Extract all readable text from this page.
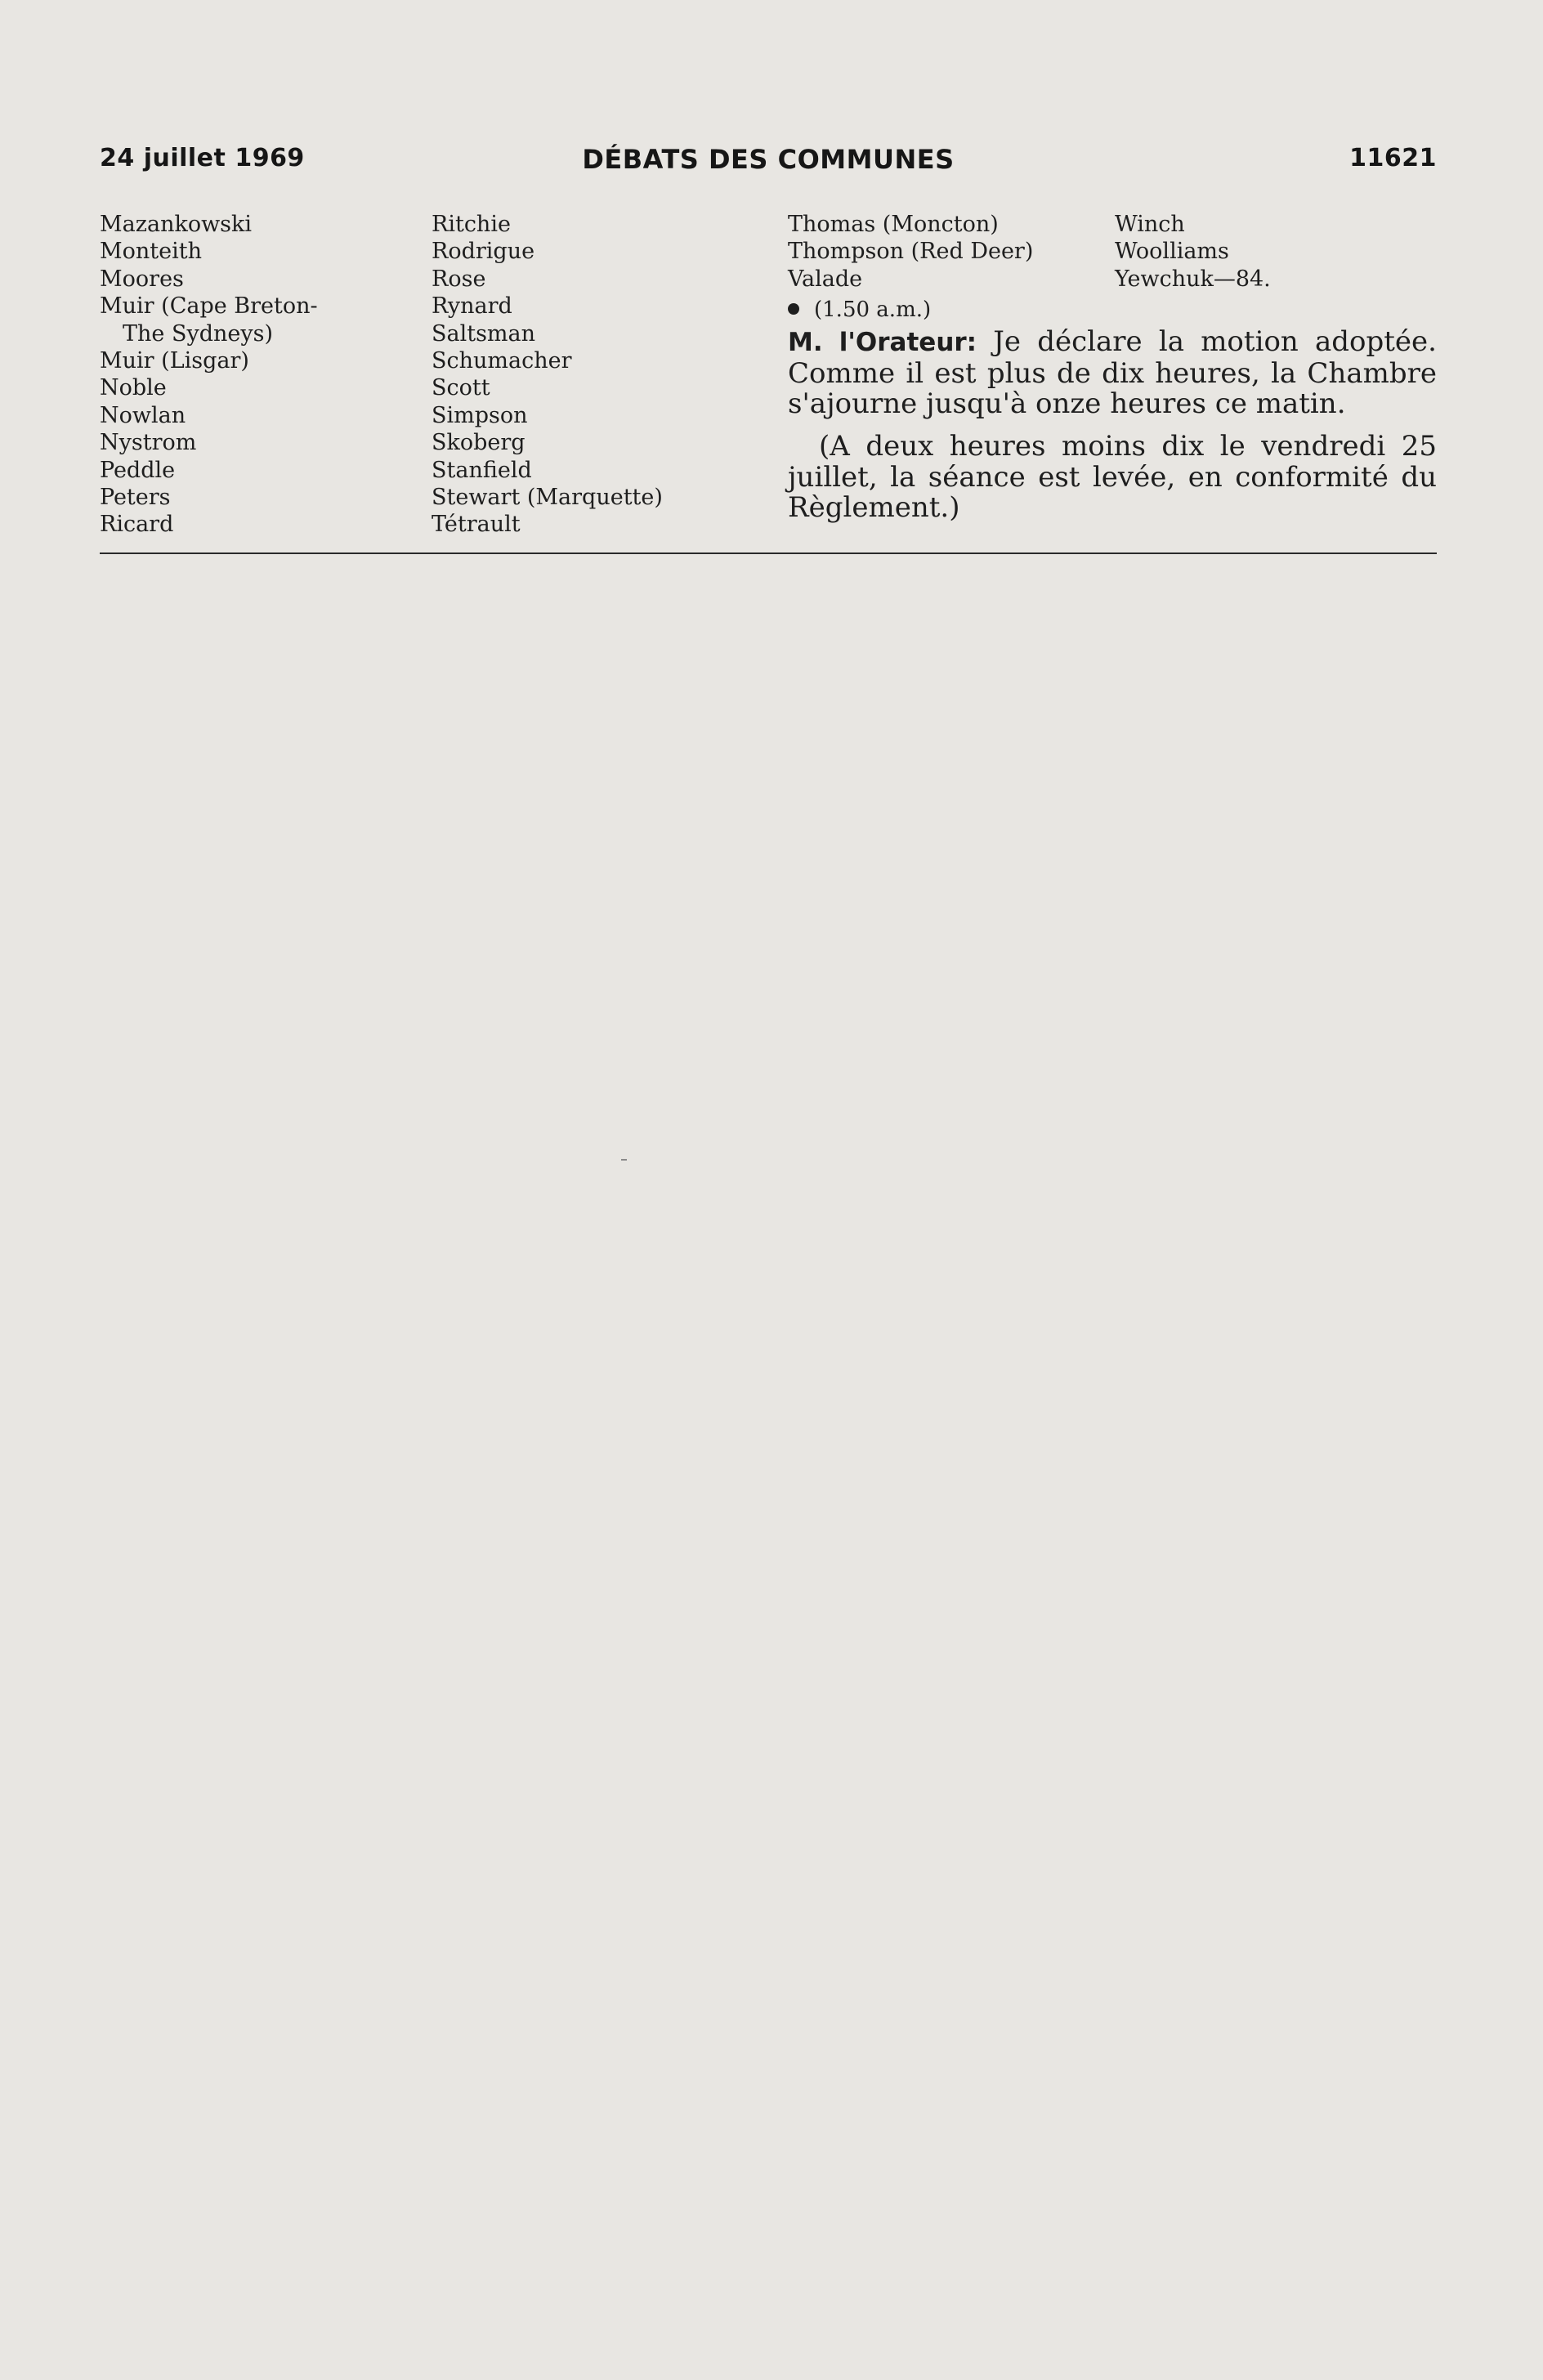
24 juillet 1969	DÉBATS DES COMMUNES	11621
Mazankowski
Monteith
Moores
Muir (Cape Breton-
The Sydneys)
Muir (Lisgar)
Noble
Nowlan
Nystrom
Peddle
Peters
Ricard
Ritchie
Rodrigue
Rose
Rynard
Saltsman
Schumacher
Scott
Simpson
Skoberg
Stanfield
Stewart (Marquette)
Tétrault
Thomas (Moncton)
Thompson (Red Deer)
Valade
Winch
Woolliams
Yewchuk—84.
(1.50 a.m.)

M. l'Orateur: Je déclare la motion adoptée. Comme il est plus de dix heures, la Chambre s'ajourne jusqu'à onze heures ce matin.

(A deux heures moins dix le vendredi 25 juillet, la séance est levée, en conformité du Règlement.)
